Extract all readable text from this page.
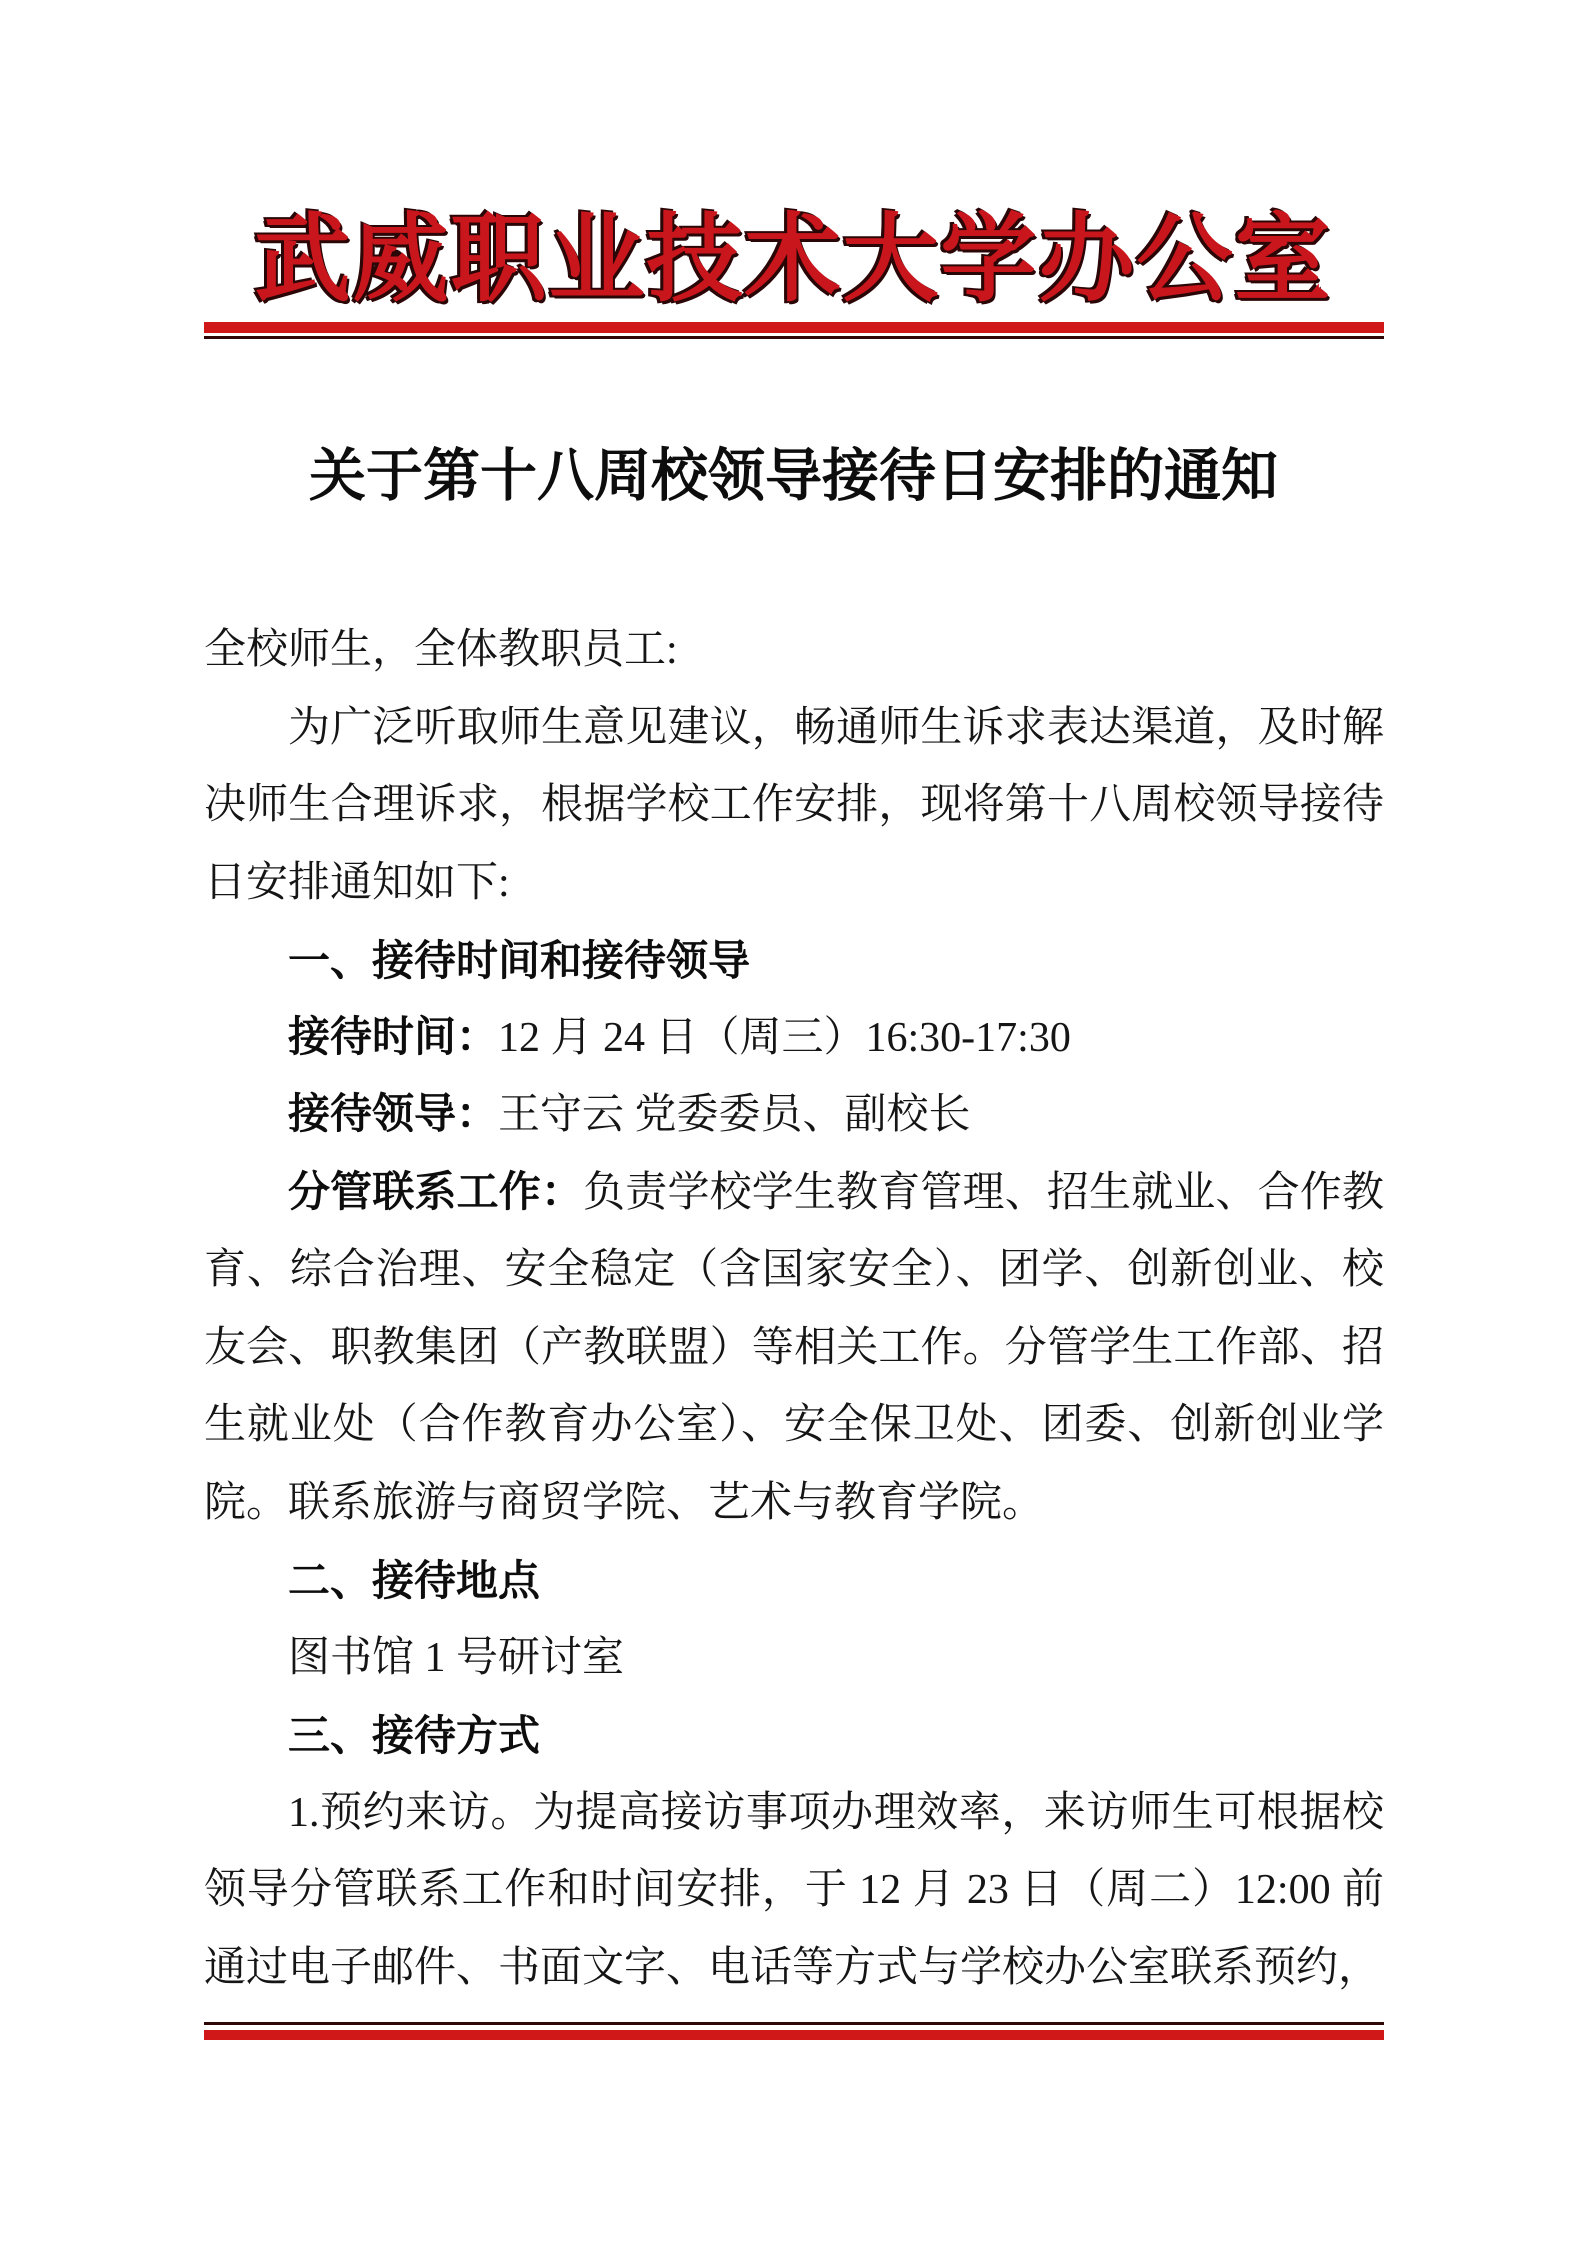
武威职业技术大学办公室
关于第十八周校领导接待日安排的通知

全校师生，全体教职员工:

为广泛听取师生意见建议，畅通师生诉求表达渠道，及时解决师生合理诉求，根据学校工作安排，现将第十八周校领导接待日安排通知如下:

一、接待时间和接待领导

接待时间：12 月 24 日（周三）16:30-17:30

接待领导：王守云 党委委员、副校长

分管联系工作：负责学校学生教育管理、招生就业、合作教育、综合治理、安全稳定（含国家安全）、团学、创新创业、校友会、职教集团（产教联盟）等相关工作。分管学生工作部、招生就业处（合作教育办公室）、安全保卫处、团委、创新创业学院。联系旅游与商贸学院、艺术与教育学院。

二、接待地点

图书馆 1 号研讨室

三、接待方式

1.预约来访。为提高接访事项办理效率，来访师生可根据校领导分管联系工作和时间安排，于 12 月 23 日（周二）12:00 前通过电子邮件、书面文字、电话等方式与学校办公室联系预约，
